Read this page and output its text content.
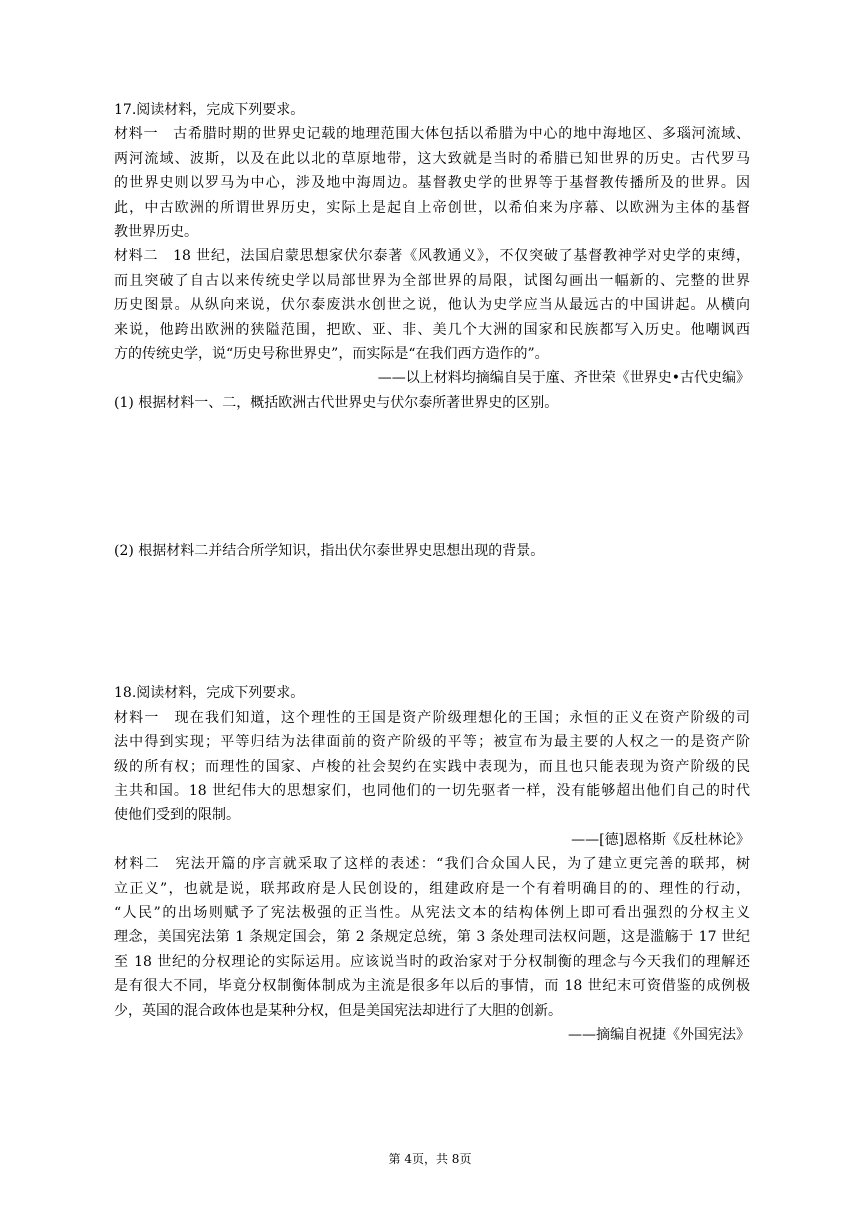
17.阅读材料，完成下列要求。
材料一　古希腊时期的世界史记载的地理范围大体包括以希腊为中心的地中海地区、多瑙河流域、
两河流域、波斯，以及在此以北的草原地带，这大致就是当时的希腊已知世界的历史。古代罗马
的世界史则以罗马为中心，涉及地中海周边。基督教史学的世界等于基督教传播所及的世界。因
此，中古欧洲的所谓世界历史，实际上是起自上帝创世，以希伯来为序幕、以欧洲为主体的基督
教世界历史。
材料二　18 世纪，法国启蒙思想家伏尔泰著《风教通义》，不仅突破了基督教神学对史学的束缚，
而且突破了自古以来传统史学以局部世界为全部世界的局限，试图勾画出一幅新的、完整的世界
历史图景。从纵向来说，伏尔泰废洪水创世之说，他认为史学应当从最远古的中国讲起。从横向
来说，他跨出欧洲的狭隘范围，把欧、亚、非、美几个大洲的国家和民族都写入历史。他嘲讽西
方的传统史学，说“历史号称世界史”，而实际是“在我们西方造作的”。
——以上材料均摘编自吴于廑、齐世荣《世界史•古代史编》
(1) 根据材料一、二，概括欧洲古代世界史与伏尔泰所著世界史的区别。
(2) 根据材料二并结合所学知识，指出伏尔泰世界史思想出现的背景。
18.阅读材料，完成下列要求。
材料一　现在我们知道，这个理性的王国是资产阶级理想化的王国；永恒的正义在资产阶级的司
法中得到实现；平等归结为法律面前的资产阶级的平等；被宣布为最主要的人权之一的是资产阶
级的所有权；而理性的国家、卢梭的社会契约在实践中表现为，而且也只能表现为资产阶级的民
主共和国。18 世纪伟大的思想家们，也同他们的一切先驱者一样，没有能够超出他们自己的时代
使他们受到的限制。
——[德]恩格斯《反杜林论》
材料二　宪法开篇的序言就采取了这样的表述：“我们合众国人民，为了建立更完善的联邦，树
立正义”，也就是说，联邦政府是人民创设的，组建政府是一个有着明确目的的、理性的行动，
“人民”的出场则赋予了宪法极强的正当性。从宪法文本的结构体例上即可看出强烈的分权主义
理念，美国宪法第 1 条规定国会，第 2 条规定总统，第 3 条处理司法权问题，这是滥觞于 17 世纪
至 18 世纪的分权理论的实际运用。应该说当时的政治家对于分权制衡的理念与今天我们的理解还
是有很大不同，毕竟分权制衡体制成为主流是很多年以后的事情，而 18 世纪末可资借鉴的成例极
少，英国的混合政体也是某种分权，但是美国宪法却进行了大胆的创新。
——摘编自祝捷《外国宪法》
第 4页，共 8页
